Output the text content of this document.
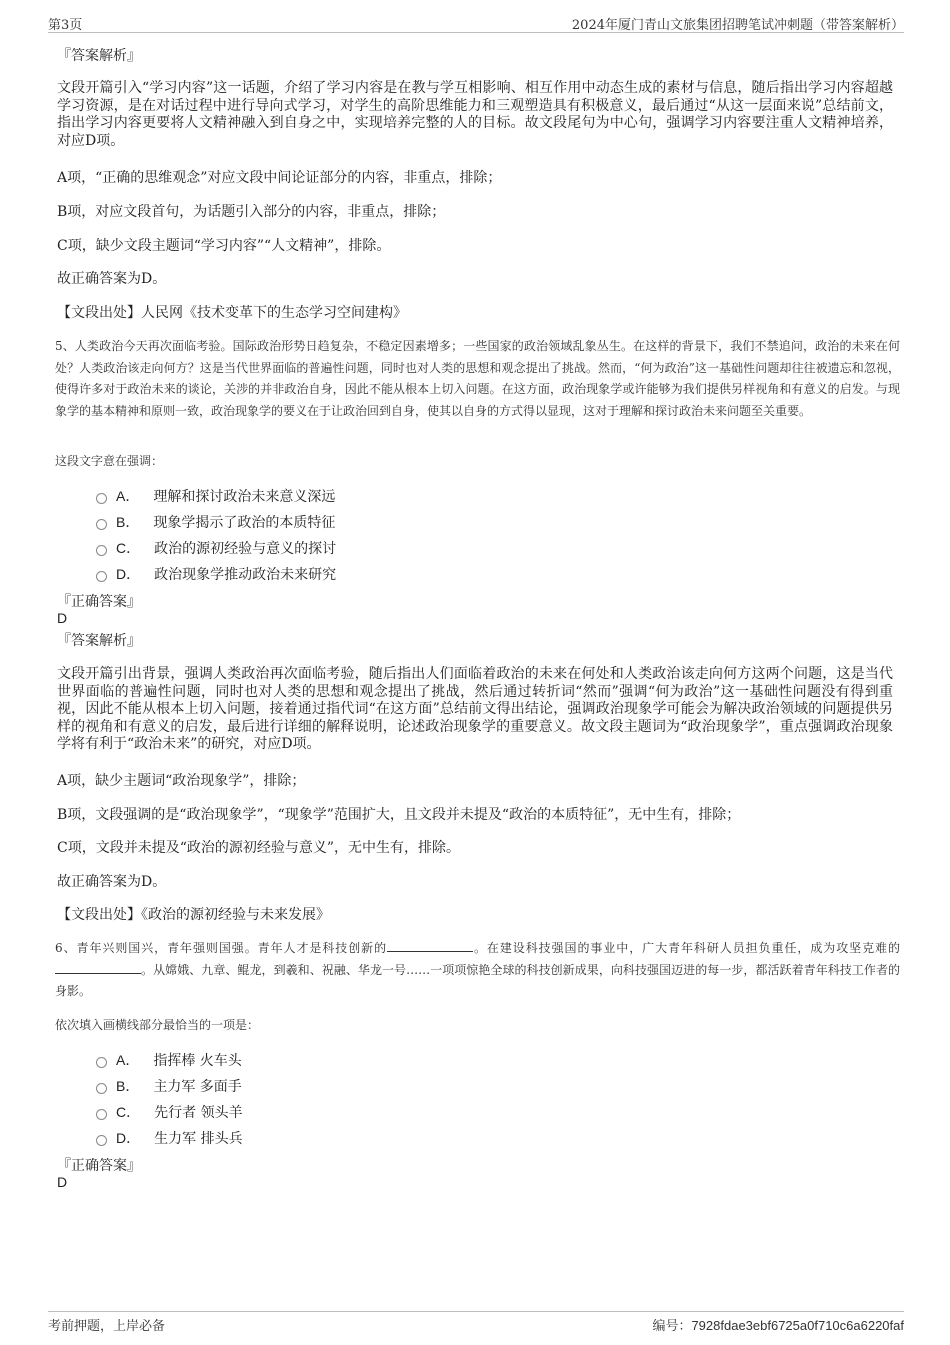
第3页	2024年厦门青山文旅集团招聘笔试冲刺题（带答案解析）
『答案解析』
文段开篇引入“学习内容”这一话题，介绍了学习内容是在教与学互相影响、相互作用中动态生成的素材与信息，随后指出学习内容超越学习资源，是在对话过程中进行导向式学习，对学生的高阶思维能力和三观塑造具有积极意义，最后通过“从这一层面来说”总结前文，指出学习内容更要将人文精神融入到自身之中，实现培养完整的人的目标。故文段尾句为中心句，强调学习内容要注重人文精神培养，对应D项。
A项，“正确的思维观念”对应文段中间论证部分的内容，非重点，排除；
B项，对应文段首句，为话题引入部分的内容，非重点，排除；
C项，缺少文段主题词“学习内容”“人文精神”，排除。
故正确答案为D。
【文段出处】人民网《技术变革下的生态学习空间建构》
5、人类政治今天再次面临考验。国际政治形势日趋复杂，不稳定因素增多；一些国家的政治领域乱象丛生。在这样的背景下，我们不禁追问，政治的未来在何处？人类政治该走向何方？这是当代世界面临的普遍性问题，同时也对人类的思想和观念提出了挑战。然而，“何为政治”这一基础性问题却往往被遗忘和忽视，使得许多对于政治未来的谈论，关涉的并非政治自身，因此不能从根本上切入问题。在这方面，政治现象学或许能够为我们提供另样视角和有意义的启发。与现象学的基本精神和原则一致，政治现象学的要义在于让政治回到自身，使其以自身的方式得以显现，这对于理解和探讨政治未来问题至关重要。
这段文字意在强调：
A． 理解和探讨政治未来意义深远
B． 现象学揭示了政治的本质特征
C． 政治的源初经验与意义的探讨
D． 政治现象学推动政治未来研究
『正确答案』
D
『答案解析』
文段开篇引出背景，强调人类政治再次面临考验，随后指出人们面临着政治的未来在何处和人类政治该走向何方这两个问题，这是当代世界面临的普遍性问题，同时也对人类的思想和观念提出了挑战，然后通过转折词“然而”强调“何为政治”这一基础性问题没有得到重视，因此不能从根本上切入问题，接着通过指代词“在这方面”总结前文得出结论，强调政治现象学可能会为解决政治领域的问题提供另样的视角和有意义的启发，最后进行详细的解释说明，论述政治现象学的重要意义。故文段主题词为“政治现象学”，重点强调政治现象学将有利于“政治未来”的研究，对应D项。
A项，缺少主题词“政治现象学”，排除；
B项，文段强调的是“政治现象学”，“现象学”范围扩大，且文段并未提及“政治的本质特征”，无中生有，排除；
C项，文段并未提及“政治的源初经验与意义”，无中生有，排除。
故正确答案为D。
【文段出处】《政治的源初经验与未来发展》
6、青年兴则国兴，青年强则国强。青年人才是科技创新的	。在建设科技强国的事业中，广大青年科研人员担负重任，成为攻坚克难的。从嫦娥、九章、鲲龙，到羲和、祝融、华龙一号……一项项惊艳全球的科技创新成果，向科技强国迈进的每一步，都活跃着青年科技工作者的身影。
依次填入画横线部分最恰当的一项是：
A． 指挥棒 火车头
B． 主力军 多面手
C． 先行者 领头羊
D． 生力军 排头兵
『正确答案』
D
考前押题，上岸必备	编号：7928fdae3ebf6725a0f710c6a6220faf
